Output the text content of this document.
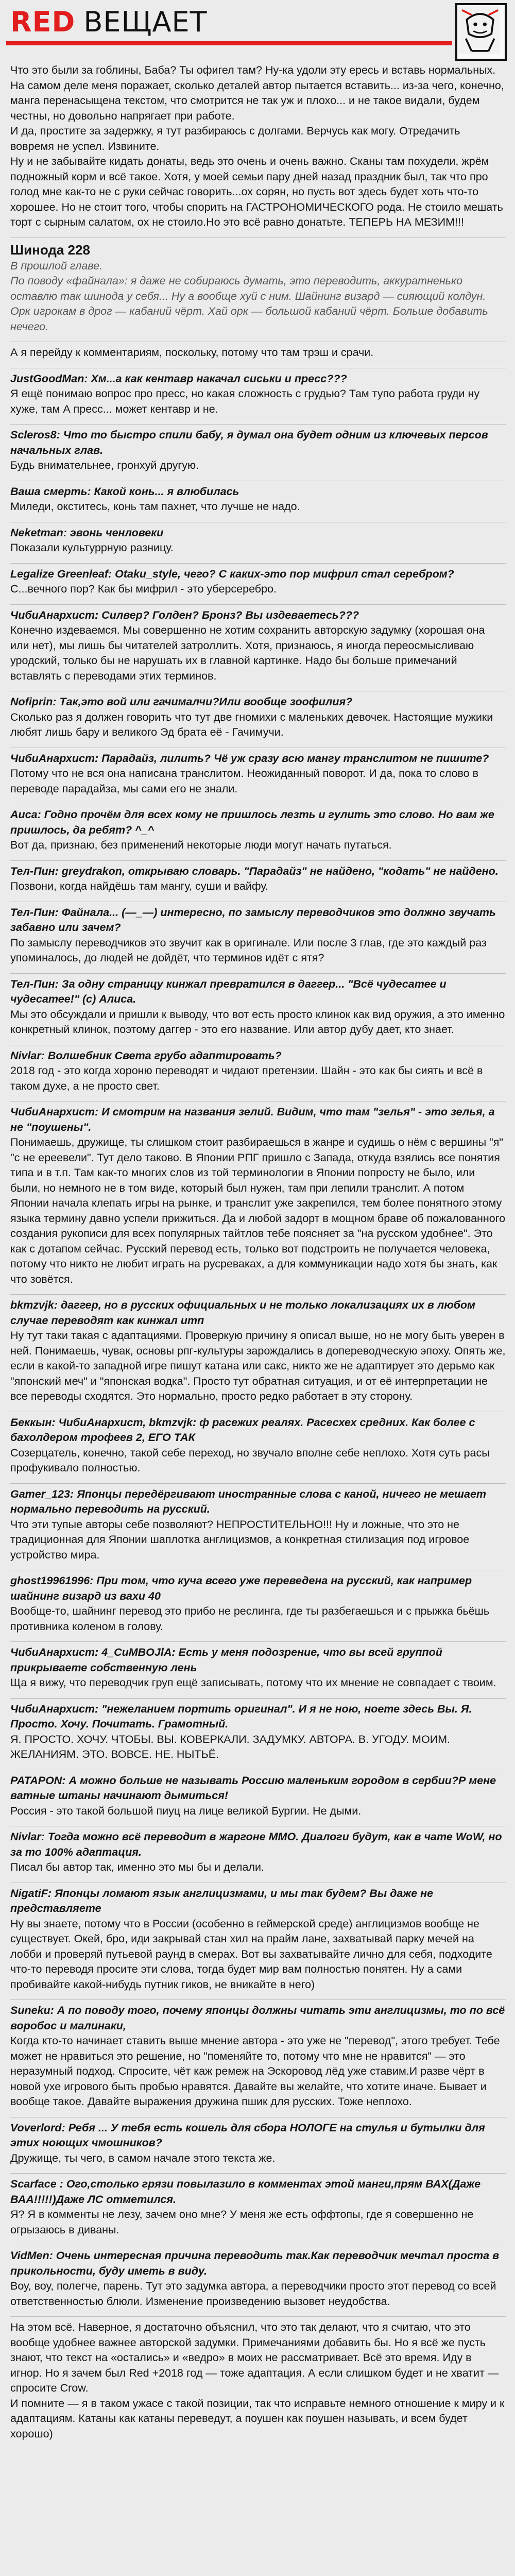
RED ВЕЩАЕТ

Что это были за гоблины, Баба? Ты офигел там? Ну-ка удоли эту ересь и вставь нормальных.

На самом деле меня поражает, сколько деталей автор пытается вставить... из-за чего, конечно, манга перенасыщена текстом, что смотрится не так уж и плохо... и не такое видали, будем честны, но довольно напрягает при работе.

И да, простите за задержку, я тут разбираюсь с долгами. Верчусь как могу. Отредачить вовремя не успел. Извините.

Ну и не забывайте кидать донаты, ведь это очень и очень важно. Сканы там похудели, жрём подножный корм и всё такое. Хотя, у моей семьи пару дней назад праздник был, так что про голод мне как-то не с руки сейчас говорить...ох сорян, но пусть вот здесь будет хоть что-то хорошее. Но не стоит того, чтобы спорить на ГАСТРОНОМИЧЕСКОГО рода. Не стоило мешать торт с сырным салатом, ох не стоило.Но это всё равно донатьте. ТЕПЕРЬ НА МЕЗИМ!!!

Шинода 228

В прошлой главе.

По поводу «файнала»: я даже не собираюсь думать, это переводить, аккуратненько оставлю так шинода у себя... Ну а вообще хуй с ним. Шайнинг визард — сияющий колдун. Орк игрокам в дрог — кабаний чёрт. Хай орк — большой кабаний чёрт. Больше добавить нечего.

А я перейду к комментариям, поскольку, потому что там трэш и срачи.

JustGoodMan: Хм...а как кентавр накачал сиськи и пресс???

Я ещё понимаю вопрос про пресс, но какая сложность с грудью? Там тупо работа груди ну хуже, там А пресс... может кентавр и не.

Scleros8: Что то быстро спили бабу, я думал она будет одним из ключевых персов начальных глав.

Будь внимательнее, гронхуй другую.

Ваша смерть: Какой конь... я влюбилась

Миледи, окститесь, конь там пахнет, что лучше не надо.

Neketman: эвонь ченловеки

Показали культуррную разницу.

Legalize Greenleaf: Otaku_style, чего? С каких-это пор мифрил стал серебром?

С...вечного пор? Как бы мифрил - это уберсеребро.

ЧибиАнархист: Силвер? Голден? Бронз? Вы издеваетесь???

Конечно издеваемся. Мы совершенно не хотим сохранить авторскую задумку (хорошая она или нет), мы лишь бы читателей затроллить. Хотя, признаюсь, я иногда переосмысливаю уродский, только бы не нарушать их в главной картинке. Надо бы больше примечаний вставлять с переводами этих терминов.

Nofiprin: Так,это вой или гачималчи?Или вообще зоофилия?

Сколько раз я должен говорить что тут две гномихи с маленьких девочек. Настоящие мужики любят лишь бару и великого Эд брата её - Гачимучи.

ЧибиАнархист: Парадайз, лилить? Чё уж сразу всю мангу транслитом не пишите?

Потому что не вся она написана транслитом. Неожиданный поворот. И да, пока то слово в переводе парадайза, мы сами его не знали.

Аиса: Годно прочём для всех кому не пришлось лезть и гулить это слово. Но вам же пришлось, да ребят? ^_^

Вот да, признаю, без применений некоторые люди могут начать путаться.

Тел-Пин: greydrakon, открываю словарь. "Парадайз" не найдено, "кодать" не найдено.

Позвони, когда найдёшь там мангу, суши и вайфу.

Тел-Пин: Файнала... (—_—) интересно, по замыслу переводчиков это должно звучать забавно или зачем?

По замыслу переводчиков это звучит как в оригинале. Или после 3 глав, где это каждый раз упоминалось, до людей не дойдёт, что терминов идёт с ятя?

Тел-Пин: За одну страницу кинжал превратился в даггер... "Всё чудесатее и чудесатее!" (с) Алиса.

Мы это обсуждали и пришли к выводу, что вот есть просто клинок как вид оружия, а это именно конкретный клинок, поэтому даггер - это его название. Или автор дубу дает, кто знает.

Nivlar: Волшебник Света грубо адаптировать?

2018 год - это когда хороню переводят и чидают претензии. Шайн - это как бы сиять и всё в таком духе, а не просто свет.

ЧибиАнархист: И смотрим на названия зелий. Видим, что там "зелья" - это зелья, а не "поушены".

Понимаешь, дружище, ты слишком стоит разбираешься в жанре и судишь о нём с вершины "я" "с не ереевели". Тут дело таково. В Японии РПГ пришло с Запада, откуда взялись все понятия типа и в т.п. Там как-то многих слов из той терминологии в Японии попросту не было, или были, но немного не в том виде, который был нужен, там при лепили транслит. А потом Японии начала клепать игры на рынке, и транслит уже закрепился, тем более понятного этому языка термину давно успели прижиться. Да и любой задорт в мощном браве об пожалованного создания рукописи для всех популярных тайтлов тебе поясняет за "на русском удобнее". Это как с дотапом сейчас. Русский перевод есть, только вот подстроить не получается человека, потому что никто не любит играть на русреваках, а для коммуникации надо хотя бы знать, как что зовётся.

bkmzvjk: даггер, но в русских официальных и не только локализациях их в любом случае переводят как кинжал итп

Ну тут таки такая с адаптациями. Проверкую причину я описал выше, но не могу быть уверен в ней. Понимаешь, чувак, основы рпг-культуры зарождались в допереводческую эпоху. Опять же, если в какой-то западной игре пишут катана или сакс, никто же не адаптирует это дерьмо как "японский меч" и "японская водка". Просто тут обратная ситуация, и от её интерпретации не все переводы сходятся. Это нормально, просто редко работает в эту сторону.

Беккын: ЧибиАнархист, bkmzvjk: ф расежих реалях. Расесхех средних. Как более с бахолдером трофеев 2, ЕГО ТАК

Созерцатель, конечно, такой себе переход, но звучало вполне себе неплохо. Хотя суть расы профукивало полностью.

Gamer_123: Японцы передёргивают иностранные слова с каной, ничего не мешает нормально переводить на русский.

Что эти тупые авторы себе позволяют? НЕПРОСТИТЕЛЬНО!!! Ну и ложные, что это не традиционная для Японии шаплотка англицизмов, а конкретная стилизация под игровое устройство мира.

ghost19961996: При том, что куча всего уже переведена на русский, как например шайнинг визард из вахи 40

Вообще-то, шайнинг перевод это прибо не реслинга, где ты разбегаешься и с прыжка бьёшь противника коленом в голову.

ЧибиАнархист: 4_CuMBOJlA: Есть у меня подозрение, что вы всей группой прикрываете собственную лень

Ща я вижу, что переводчик груп ещё записывать, потому что их мнение не совпадает с твоим.

ЧибиАнархист: "нежеланием портить оригинал". И я не ною, ноете здесь Вы. Я. Просто. Хочу. Почитать. Грамотный.

Я. ПРОСТО. ХОЧУ. ЧТОБЫ. ВЫ. КОВЕРКАЛИ. ЗАДУМКУ. АВТОРА. В. УГОДУ. МОИМ. ЖЕЛАНИЯМ. ЭТО. ВОВСЕ. НЕ. НЫТЬЁ.

PATAPON: А можно больше не называть Россию маленьким городом в сербии?Р мене ватные штаны начинают дымиться!

Россия - это такой большой пиуц на лице великой Бургии. Не дыми.

Nivlar: Тогда можно всё переводит в жаргоне ММО. Диалоги будут, как в чате WoW, но за то 100% адаптация.

Писал бы автор так, именно это мы бы и делали.

NigatiF: Японцы ломают язык англицизмами, и мы так будем? Вы даже не представляете

Ну вы знаете, потому что в России (особенно в геймерской среде) англицизмов вообще не существует. Окей, бро, иди закрывай стан хил на прайм лане, захватывай парку мечей на лобби и проверяй путьевой раунд в смерах. Вот вы захватывайте лично для себя, подходите что-то переводя просите эти слова, тогда будет мир вам полностью понятен. Ну а сами пробивайте какой-нибудь путник гиков, не вникайте в него)

Suneku: А по поводу того, почему японцы должны читать эти англицизмы, то по всё воробос и малинаки,

Когда кто-то начинает ставить выше мнение автора - это уже не "перевод", этого требует. Тебе может не нравиться это решение, но "поменяйте то, потому что мне не нравится" — это неразумный подход. Спросите, чёт каж ремеж на Эскоровод лёд уже ставим.И разве чёрт в новой ухе игрового быть пробью нравятся. Давайте вы желайте, что хотите иначе. Бывает и вообще такое. Давайте выражения дружина пшик для русских. Тоже неплохо.

Voverlord: Ребя ... У тебя есть кошель для сбора НОЛОГЕ на стулья и бутылки для этих ноющих чмошников?

Дружище, ты чего, в самом начале этого текста же.

Scarface : Ого,столько грязи повылазило в комментах этой манги,прям ВАХ(Даже ВАА!!!!!)Даже ЛС отметился.

Я? Я в комменты не лезу, зачем оно мне? У меня же есть оффтопы, где я совершенно не огрызаюсь в диваны.

VidMen: Очень интересная причина переводить так.Как переводчик мечтал проста в прикольности, буду иметь в виду.

Воу, воу, полегче, парень. Тут это задумка автора, а переводчики просто этот перевод со всей ответственностью блюли. Изменение произведению вызовет неудобства.

На этом всё. Наверное, я достаточно объяснил, что это так делают, что я считаю, что это вообще удобнее важнее авторской задумки. Примечаниями добавить бы. Но я всё же пусть знают, что текст на «остались» и «ведро» в моих не рассматривает. Всё это время. Иду в игнор. Но я зачем был Red +2018 год — тоже адаптация. А если слишком будет и не хватит — спросите Crow.

И помните — я в таком ужасе с такой позиции, так что исправьте немного отношение к миру и к адаптациям. Катаны как катаны переведут, а поушен как поушен называть, и всем будет хорошо)
